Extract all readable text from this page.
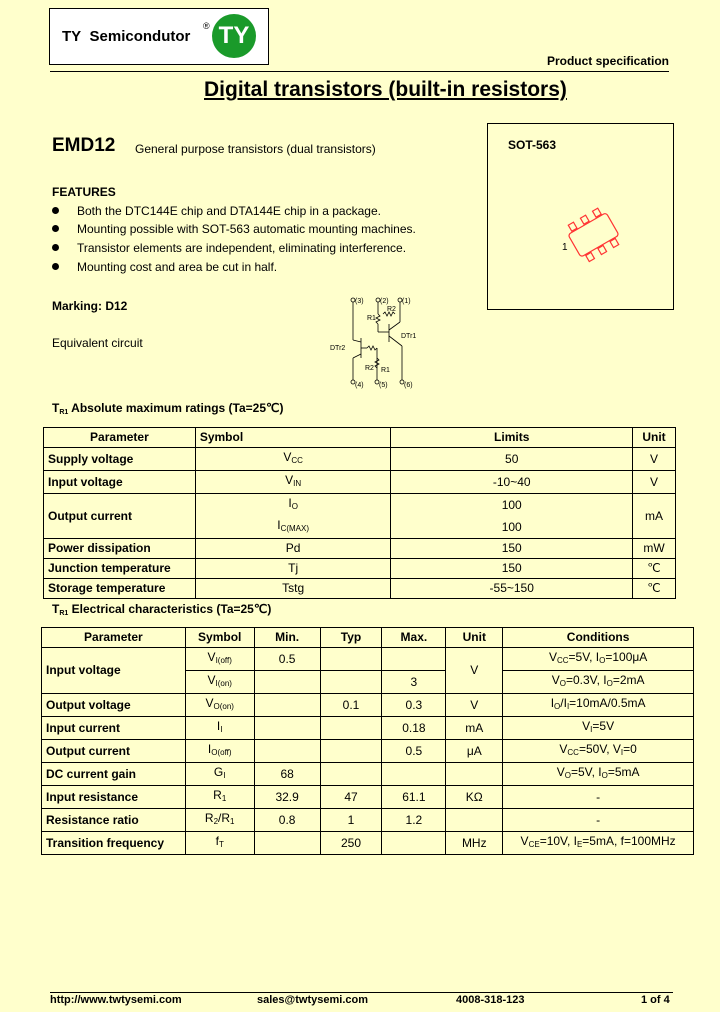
TY Semicondutor
® TY
Product specification
Digital transistors (built-in resistors)
EMD12 General purpose transistors (dual transistors)	SOT-563
1
FEATURES
Both the DTC144E chip and DTA144E chip in a package.
Mounting possible with SOT-563 automatic mounting machines.
Transistor elements are independent, eliminating interference.
Mounting cost and area be cut in half.
Marking: D12
Equivalent circuit
(3) (2) (1)
(4) (5) (6)
R1
R2
R2 R1
DTr1
DTr2
$T_{R1}$ Absolute maximum ratings (Ta=25℃)
Parameter	Symbol	Limits	Unit
Supply voltage	$V_{CC}$	50	V
Input voltage	$V_{IN}$	-10~40	V
Output current	$I_O$	100	mA
	$I_{C(MAX)}$	100	
Power dissipation	Pd	150	mW
Junction temperature	Tj	150	℃
Storage temperature	Tstg	-55~150	℃
$T_{R1}$ Electrical characteristics (Ta=25℃)
Parameter	Symbol	Min.	Typ	Max.	Unit	Conditions
Input voltage	$V_{I(off)}$	0.5			V	$V_{CC}=5V$, $I_O=100\mu A$
	$V_{I(on)}$			3		$V_O=0.3V$, $I_O=2mA$
Output voltage	$V_{O(on)}$		0.1	0.3	V	$I_O/I_I=10mA/0.5mA$
Input current	$I_I$			0.18	mA	$V_I=5V$
Output current	$I_{O(off)}$			0.5	μA	$V_{CC}=50V$, $V_I=0$
DC current gain	$G_I$	68				$V_O=5V$, $I_O=5mA$
Input resistance	$R_1$	32.9	47	61.1	KΩ	-
Resistance ratio	$R_2/R_1$	0.8	1	1.2		-
Transition frequency	$f_T$		250		MHz	$V_{CE}=10V$, $I_E=5mA$, f=100MHz
http://www.twtysemi.com	sales@twtysemi.com	4008-318-123	1 of 4
